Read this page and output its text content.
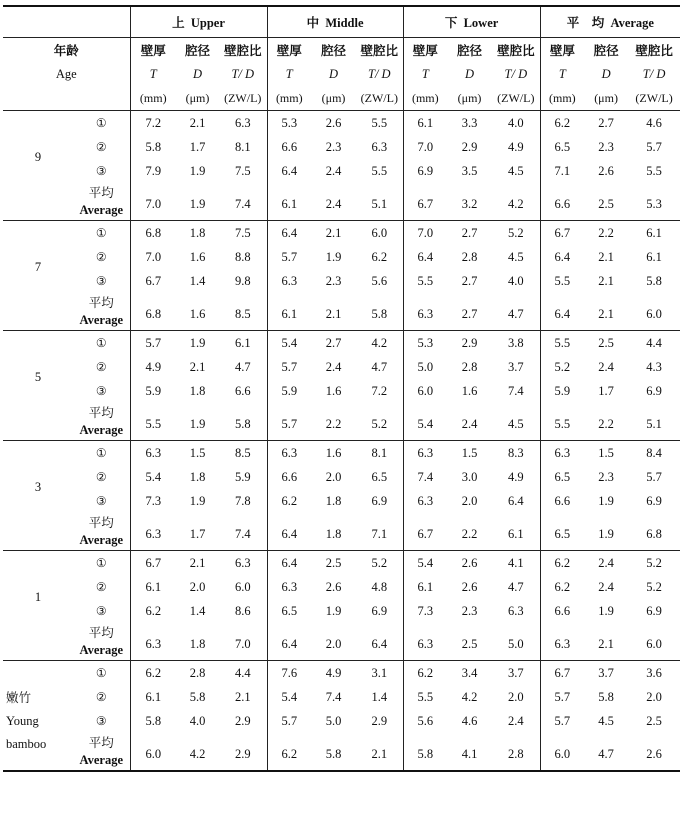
		上 Upper			中 Middle			下 Lower			平　均 Average		
年龄		壁厚	腔径	壁腔比	壁厚	腔径	壁腔比	壁厚	腔径	壁腔比	壁厚	腔径	壁腔比
Age		T	D	T/ D	T	D	T/ D	T	D	T/ D	T	D	T/ D
		(mm)	(μm)	(ZW/L)	(mm)	(μm)	(ZW/L)	(mm)	(μm)	(ZW/L)	(mm)	(μm)	(ZW/L)
9	①	7.2	2.1	6.3	5.3	2.6	5.5	6.1	3.3	4.0	6.2	2.7	4.6
	②	5.8	1.7	8.1	6.6	2.3	6.3	7.0	2.9	4.9	6.5	2.3	5.7
	③	7.9	1.9	7.5	6.4	2.4	5.5	6.9	3.5	4.5	7.1	2.6	5.5
	平均	7.0	1.9	7.4	6.1	2.4	5.1	6.7	3.2	4.2	6.6	2.5	5.3
	Average												
7	①	6.8	1.8	7.5	6.4	2.1	6.0	7.0	2.7	5.2	6.7	2.2	6.1
	②	7.0	1.6	8.8	5.7	1.9	6.2	6.4	2.8	4.5	6.4	2.1	6.1
	③	6.7	1.4	9.8	6.3	2.3	5.6	5.5	2.7	4.0	5.5	2.1	5.8
	平均	6.8	1.6	8.5	6.1	2.1	5.8	6.3	2.7	4.7	6.4	2.1	6.0
	Average												
5	①	5.7	1.9	6.1	5.4	2.7	4.2	5.3	2.9	3.8	5.5	2.5	4.4
	②	4.9	2.1	4.7	5.7	2.4	4.7	5.0	2.8	3.7	5.2	2.4	4.3
	③	5.9	1.8	6.6	5.9	1.6	7.2	6.0	1.6	7.4	5.9	1.7	6.9
	平均	5.5	1.9	5.8	5.7	2.2	5.2	5.4	2.4	4.5	5.5	2.2	5.1
	Average												
3	①	6.3	1.5	8.5	6.3	1.6	8.1	6.3	1.5	8.3	6.3	1.5	8.4
	②	5.4	1.8	5.9	6.6	2.0	6.5	7.4	3.0	4.9	6.5	2.3	5.7
	③	7.3	1.9	7.8	6.2	1.8	6.9	6.3	2.0	6.4	6.6	1.9	6.9
	平均	6.3	1.7	7.4	6.4	1.8	7.1	6.7	2.2	6.1	6.5	1.9	6.8
	Average												
1	①	6.7	2.1	6.3	6.4	2.5	5.2	5.4	2.6	4.1	6.2	2.4	5.2
	②	6.1	2.0	6.0	6.3	2.6	4.8	6.1	2.6	4.7	6.2	2.4	5.2
	③	6.2	1.4	8.6	6.5	1.9	6.9	7.3	2.3	6.3	6.6	1.9	6.9
	平均	6.3	1.8	7.0	6.4	2.0	6.4	6.3	2.5	5.0	6.3	2.1	6.0
	Average												

嫩竹
Young
bamboo	①	6.2	2.8	4.4	7.6	4.9	3.1	6.2	3.4	3.7	6.7	3.7	3.6
	②	6.1	5.8	2.1	5.4	7.4	1.4	5.5	4.2	2.0	5.7	5.8	2.0
	③	5.8	4.0	2.9	5.7	5.0	2.9	5.6	4.6	2.4	5.7	4.5	2.5
	平均	6.0	4.2	2.9	6.2	5.8	2.1	5.8	4.1	2.8	6.0	4.7	2.6
	Average												
